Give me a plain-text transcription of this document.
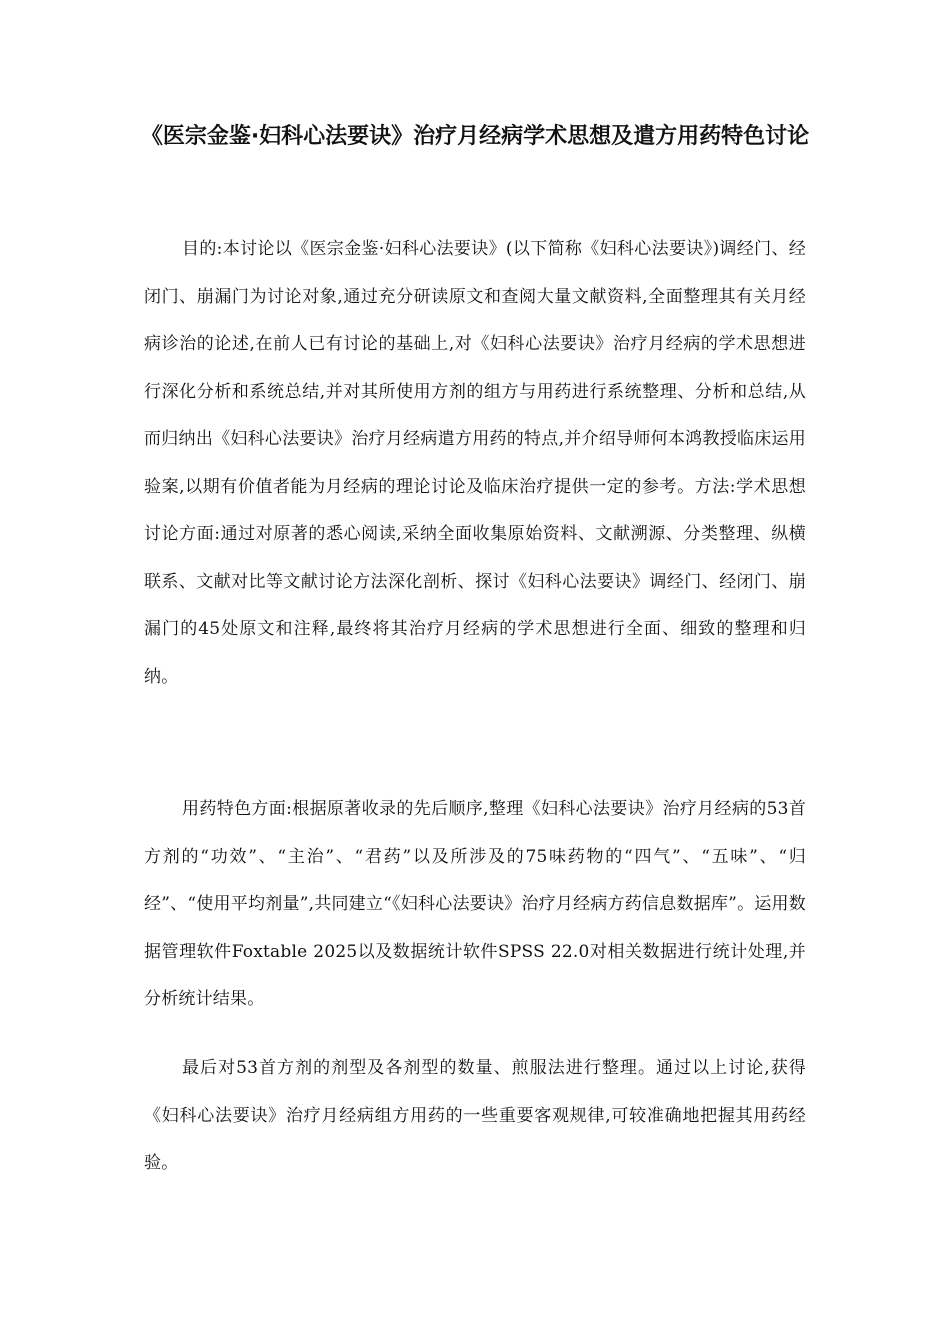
《医宗金鉴·妇科心法要诀》治疗月经病学术思想及遣方用药特色讨论

目的:本讨论以《医宗金鉴·妇科心法要诀》(以下简称《妇科心法要诀》)调经门、经闭门、崩漏门为讨论对象,通过充分研读原文和查阅大量文献资料,全面整理其有关月经病诊治的论述,在前人已有讨论的基础上,对《妇科心法要诀》治疗月经病的学术思想进行深化分析和系统总结,并对其所使用方剂的组方与用药进行系统整理、分析和总结,从而归纳出《妇科心法要诀》治疗月经病遣方用药的特点,并介绍导师何本鸿教授临床运用验案,以期有价值者能为月经病的理论讨论及临床治疗提供一定的参考。方法:学术思想讨论方面:通过对原著的悉心阅读,采纳全面收集原始资料、文献溯源、分类整理、纵横联系、文献对比等文献讨论方法深化剖析、探讨《妇科心法要诀》调经门、经闭门、崩漏门的45处原文和注释,最终将其治疗月经病的学术思想进行全面、细致的整理和归纳。

用药特色方面:根据原著收录的先后顺序,整理《妇科心法要诀》治疗月经病的53首方剂的“功效”、“主治”、“君药”以及所涉及的75味药物的“四气”、“五味”、“归经”、“使用平均剂量”,共同建立“《妇科心法要诀》治疗月经病方药信息数据库”。运用数据管理软件Foxtable 2025以及数据统计软件SPSS 22.0对相关数据进行统计处理,并分析统计结果。

最后对53首方剂的剂型及各剂型的数量、煎服法进行整理。通过以上讨论,获得《妇科心法要诀》治疗月经病组方用药的一些重要客观规律,可较准确地把握其用药经验。
